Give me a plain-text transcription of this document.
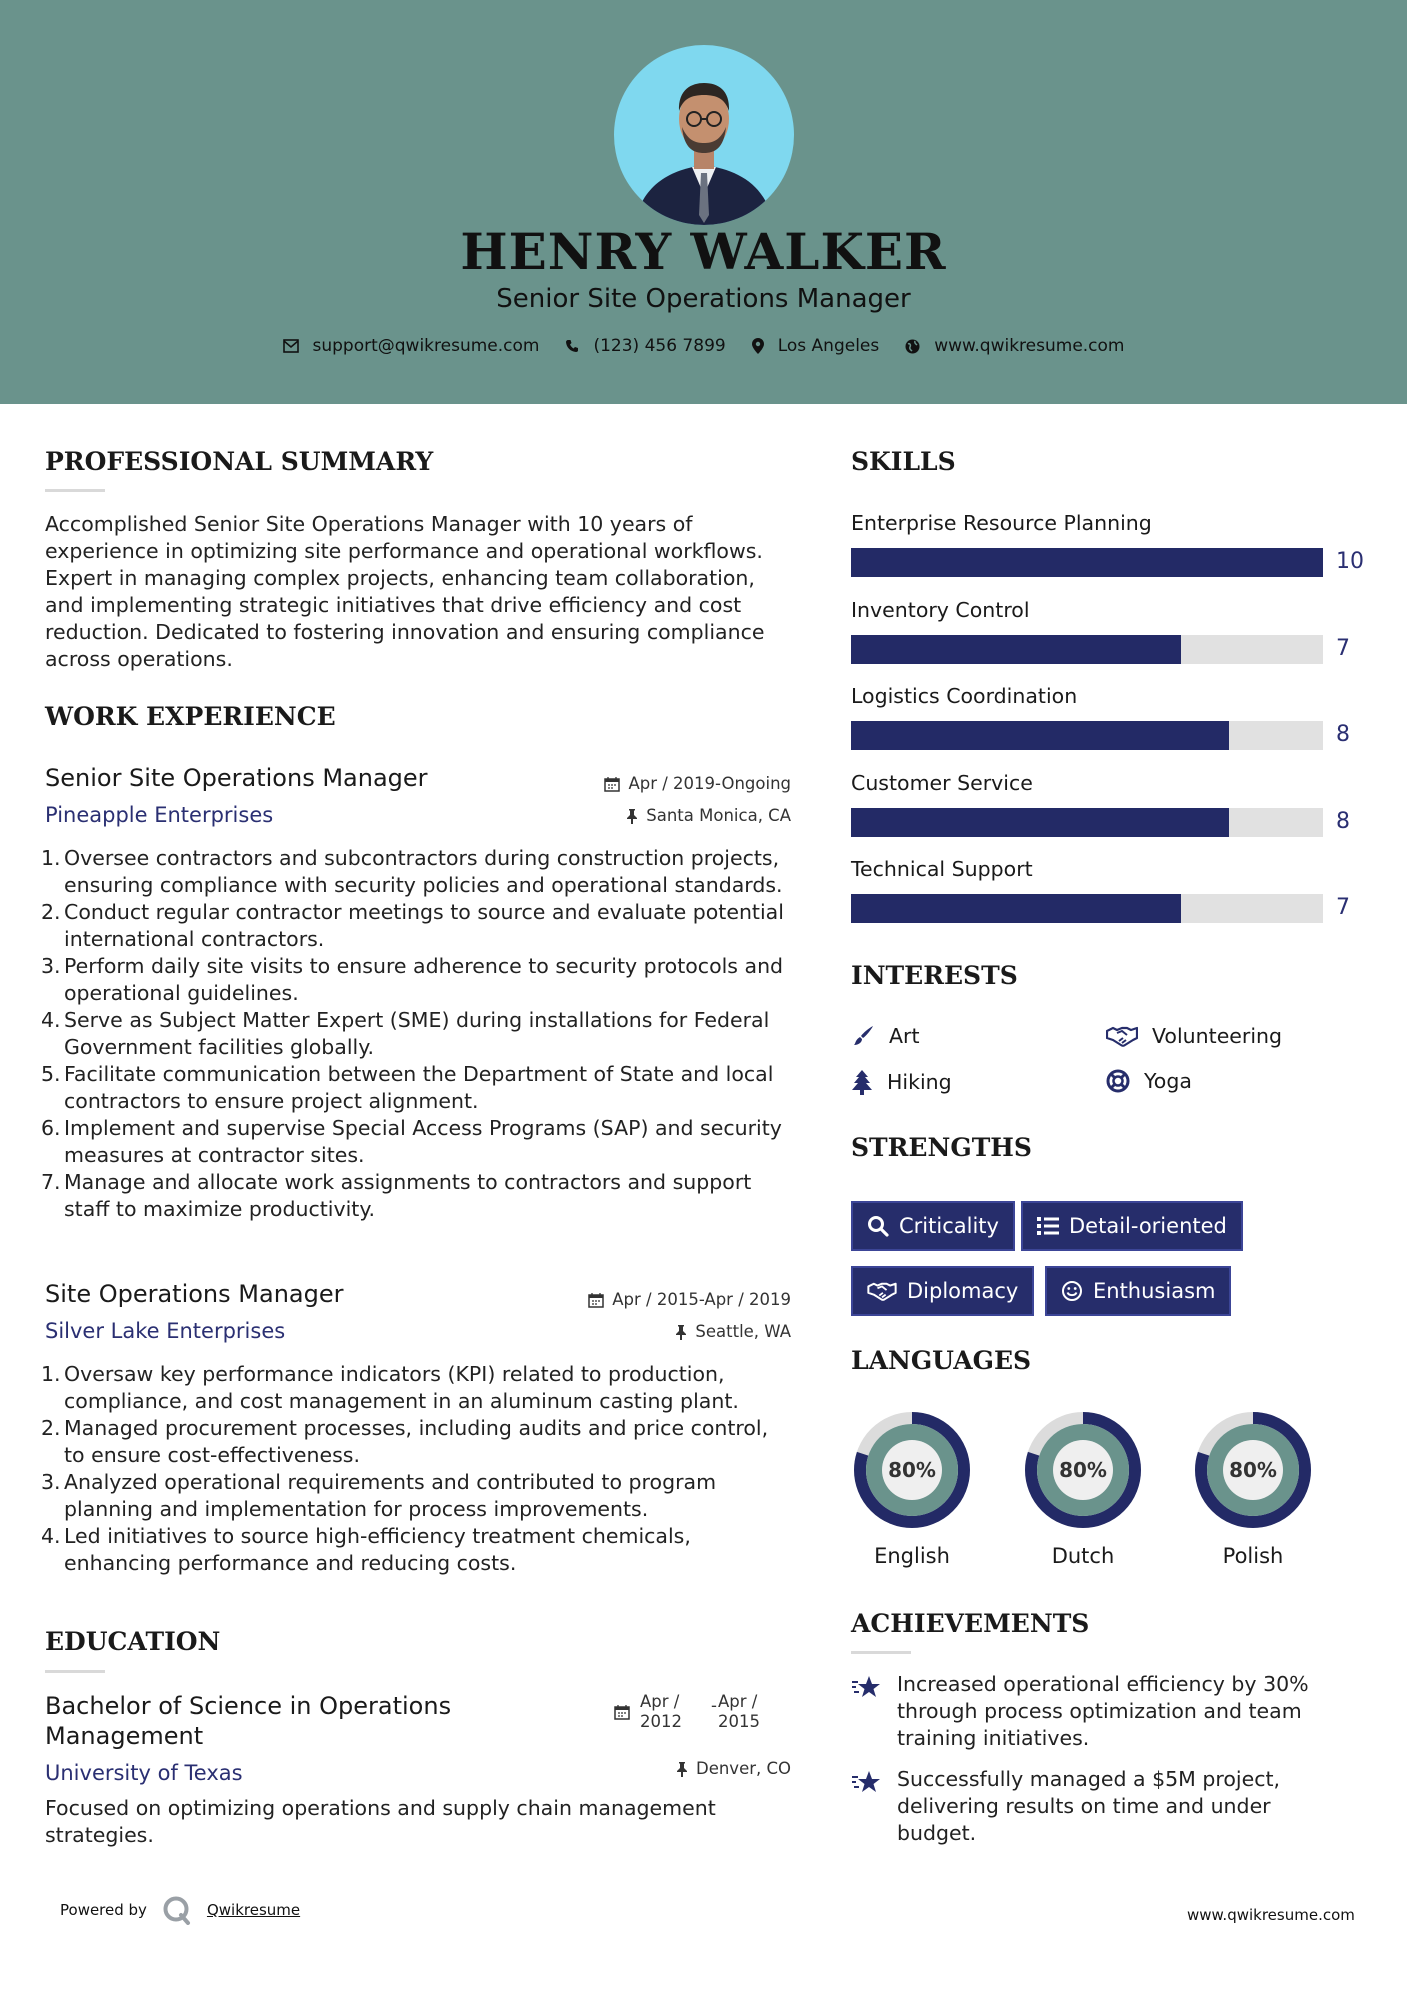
HENRY WALKER
Senior Site Operations Manager
support@qwikresume.com	(123) 456 7899	Los Angeles	www.qwikresume.com
PROFESSIONAL SUMMARY
Accomplished Senior Site Operations Manager with 10 years of experience in optimizing site performance and operational workflows. Expert in managing complex projects, enhancing team collaboration, and implementing strategic initiatives that drive efficiency and cost reduction. Dedicated to fostering innovation and ensuring compliance across operations.
WORK EXPERIENCE
Senior Site Operations Manager	Apr / 2019-Ongoing
Pineapple Enterprises	Santa Monica, CA
1. Oversee contractors and subcontractors during construction projects, ensuring compliance with security policies and operational standards.
2. Conduct regular contractor meetings to source and evaluate potential international contractors.
3. Perform daily site visits to ensure adherence to security protocols and operational guidelines.
4. Serve as Subject Matter Expert (SME) during installations for Federal Government facilities globally.
5. Facilitate communication between the Department of State and local contractors to ensure project alignment.
6. Implement and supervise Special Access Programs (SAP) and security measures at contractor sites.
7. Manage and allocate work assignments to contractors and support staff to maximize productivity.
Site Operations Manager	Apr / 2015-Apr / 2019
Silver Lake Enterprises	Seattle, WA
1. Oversaw key performance indicators (KPI) related to production, compliance, and cost management in an aluminum casting plant.
2. Managed procurement processes, including audits and price control, to ensure cost-effectiveness.
3. Analyzed operational requirements and contributed to program planning and implementation for process improvements.
4. Led initiatives to source high-efficiency treatment chemicals, enhancing performance and reducing costs.
EDUCATION
Bachelor of Science in Operations Management
Apr / 2012
- Apr / 2015
University of Texas	Denver, CO
Focused on optimizing operations and supply chain management strategies.
SKILLS
Enterprise Resource Planning
10
Inventory Control
7
Logistics Coordination
8
Customer Service
8
Technical Support
7
INTERESTS
Art	Volunteering
Hiking	Yoga
STRENGTHS
Criticality	Detail-oriented
Diplomacy	Enthusiasm
LANGUAGES
80%
English
80%
Dutch
80%
Polish
ACHIEVEMENTS
Increased operational efficiency by 30% through process optimization and team training initiatives.
Successfully managed a $5M project, delivering results on time and under budget.
Powered by	Qwikresume	www.qwikresume.com
